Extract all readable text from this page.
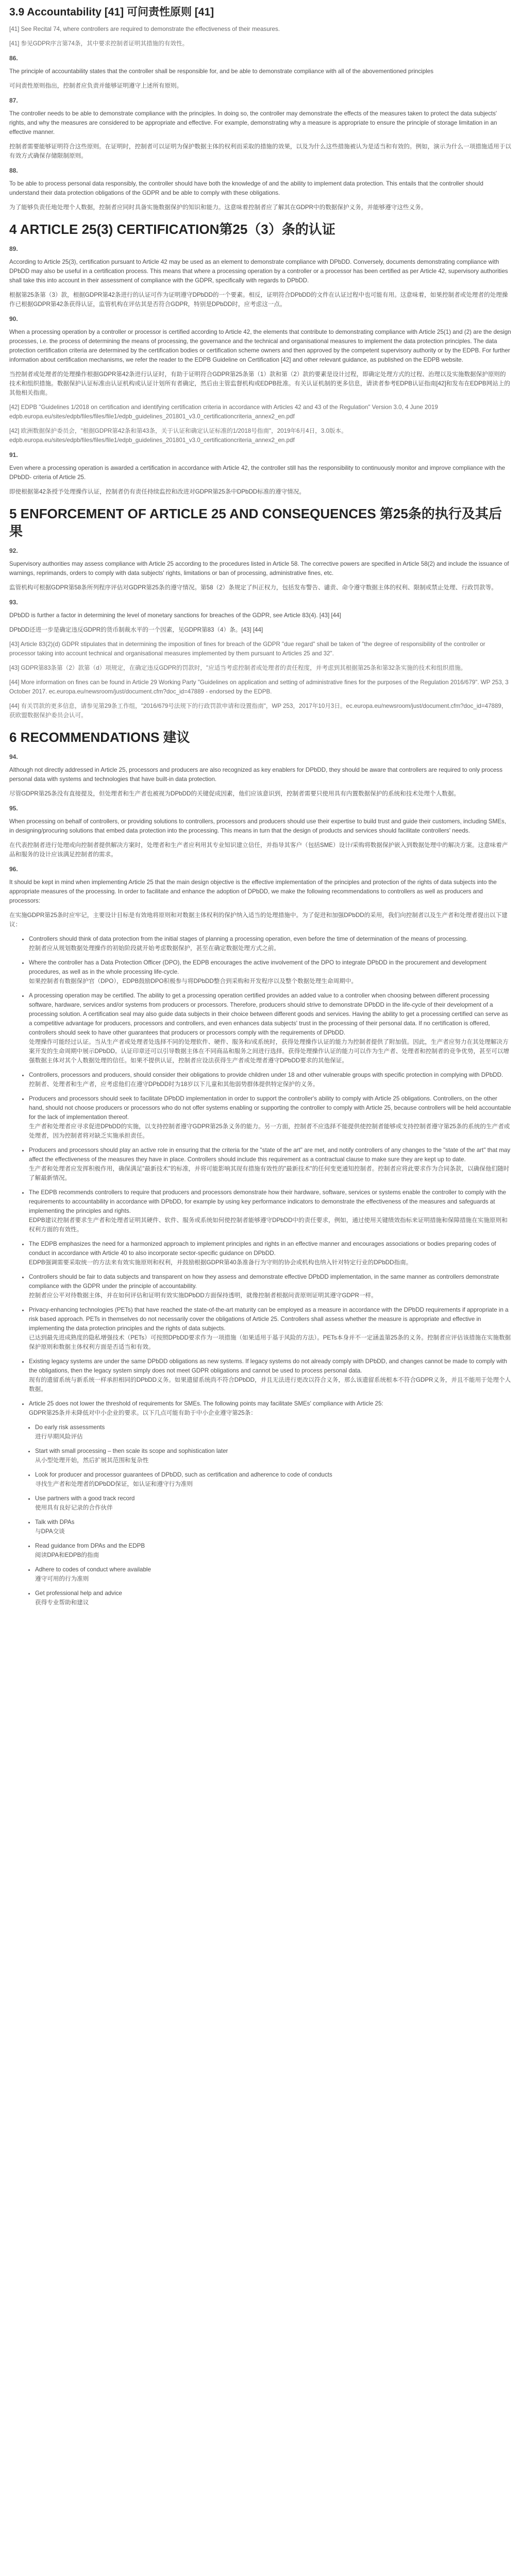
3.9 Accountability [41] 可问责性原则 [41]

[41] See Recital 74, where controllers are required to demonstrate the effectiveness of their measures.

[41] 参见GDPR序言第74条，其中要求控制者证明其措施的有效性。

86.

The principle of accountability states that the controller shall be responsible for, and be able to demonstrate compliance with all of the abovementioned principles

可问责性原则指出，控制者应负责并能够证明遵守上述所有原则。

87.

The controller needs to be able to demonstrate compliance with the principles. In doing so, the controller may demonstrate the effects of the measures taken to protect the data subjects' rights, and why the measures are considered to be appropriate and effective. For example, demonstrating why a measure is appropriate to ensure the principle of storage limitation in an effective manner.

控制者需要能够证明符合这些原则。在证明时，控制者可以证明为保护数据主体的权利而采取的措施的效果，以及为什么这些措施被认为是适当和有效的。例如，演示为什么一项措施适用于以有效方式确保存储限制原则。

88.

To be able to process personal data responsibly, the controller should have both the knowledge of and the ability to implement data protection. This entails that the controller should understand their data protection obligations of the GDPR and be able to comply with these obligations.

为了能够负责任地处理个人数据，控制者应同时具备实施数据保护的知识和能力。这意味着控制者应了解其在GDPR中的数据保护义务，并能够遵守这些义务。

4 ARTICLE 25(3) CERTIFICATION第25（3）条的认证

89.

According to Article 25(3), certification pursuant to Article 42 may be used as an element to demonstrate compliance with DPbDD. Conversely, documents demonstrating compliance with DPbDD may also be useful in a certification process. This means that where a processing operation by a controller or a processor has been certified as per Article 42, supervisory authorities shall take this into account in their assessment of compliance with the GDPR, specifically with regards to DPbDD.

根据第25条第（3）款，根据GDPR第42条进行的认证可作为证明遵守DPbDD的一个要素。相反，证明符合DPbDD的文件在认证过程中也可能有用。这意味着，如果控制者或处理者的处理操作已根据GDPR第42条获得认证，监管机构在评估其是否符合GDPR，特别是DPbDD时，应考虑这一点。

90.

When a processing operation by a controller or processor is certified according to Article 42, the elements that contribute to demonstrating compliance with Article 25(1) and (2) are the design processes, i.e. the process of determining the means of processing, the governance and the technical and organisational measures to implement the data protection principles. The data protection certification criteria are determined by the certification bodies or certification scheme owners and then approved by the competent supervisory authority or by the EDPB. For further information about certification mechanisms, we refer the reader to the EDPB Guideline on Certification [42] and other relevant guidance, as published on the EDPB website.

当控制者或处理者的处理操作根据GDPR第42条进行认证时，有助于证明符合GDPR第25条第（1）款和第（2）款的要素是设计过程，即确定处理方式的过程、治理以及实施数据保护原则的技术和组织措施。数据保护认证标准由认证机构或认证计划所有者确定，然后由主管监督机构或EDPB批准。有关认证机制的更多信息，请读者参考EDPB认证指南[42]和发布在EDPB网站上的其他相关指南。

[42] EDPB "Guidelines 1/2018 on certification and identifying certification criteria in accordance with Articles 42 and 43 of the Regulation" Version 3.0, 4 June 2019 edpb.europa.eu/sites/edpb/files/files/file1/edpb_guidelines_201801_v3.0_certificationcriteria_annex2_en.pdf

[42] 欧洲数据保护委员会，"根据GDPR第42条和第43条，关于认证和确定认证标准的1/2018号指南"，2019年6月4日，3.0版本。edpb.europa.eu/sites/edpb/files/files/file1/edpb_guidelines_201801_v3.0_certificationcriteria_annex2_en.pdf

91.

Even where a processing operation is awarded a certification in accordance with Article 42, the controller still has the responsibility to continuously monitor and improve compliance with the DPbDD- criteria of Article 25.

即使根据第42条授予处理操作认证，控制者仍有责任持续监控和改进对GDPR第25条中DPbDD标准的遵守情况。

5 ENFORCEMENT OF ARTICLE 25 AND CONSEQUENCES 第25条的执行及其后果

92.

Supervisory authorities may assess compliance with Article 25 according to the procedures listed in Article 58. The corrective powers are specified in Article 58(2) and include the issuance of warnings, reprimands, orders to comply with data subjects' rights, limitations or ban of processing, administrative fines, etc.

监管机构可根据GDPR第58条所列程序评估对GDPR第25条的遵守情况。第58（2）条规定了纠正权力，包括发布警告、谴责、命令遵守数据主体的权利、限制或禁止处理、行政罚款等。

93.

DPbDD is further a factor in determining the level of monetary sanctions for breaches of the GDPR, see Article 83(4). [43] [44]

DPbDD还进一步是确定违反GDPR的货币制裁水平的一个因素，见GDPR第83（4）条。[43] [44]

[43] Article 83(2)(d) GDPR stipulates that in determining the imposition of fines for breach of the GDPR "due regard" shall be taken of "the degree of responsibility of the controller or processor taking into account technical and organisational measures implemented by them pursuant to Articles 25 and 32".

[43] GDPR第83条第（2）款第（d）项规定，在确定违反GDPR的罚款时，"应适当考虑控制者或处理者的责任程度，并考虑到其根据第25条和第32条实施的技术和组织措施。

[44] More information on fines can be found in Article 29 Working Party "Guidelines on application and setting of administrative fines for the purposes of the Regulation 2016/679". WP 253, 3 October 2017. ec.europa.eu/newsroom/just/document.cfm?doc_id=47889 - endorsed by the EDPB.

[44] 有关罚款的更多信息，请参见第29条工作组，"2016/679号法规下的行政罚款申请和设置指南"，WP 253，2017年10月3日。ec.europa.eu/newsroom/just/document.cfm?doc_id=47889，获欧盟数据保护委员会认可。

6 RECOMMENDATIONS 建议

94.

Although not directly addressed in Article 25, processors and producers are also recognized as key enablers for DPbDD, they should be aware that controllers are required to only process personal data with systems and technologies that have built-in data protection.

尽管GDPR第25条没有直接提及，但处理者和生产者也被视为DPbDD的关键促成因素，他们应该意识到，控制者需要只使用具有内置数据保护的系统和技术处理个人数据。

95.

When processing on behalf of controllers, or providing solutions to controllers, processors and producers should use their expertise to build trust and guide their customers, including SMEs, in designing/procuring solutions that embed data protection into the processing. This means in turn that the design of products and services should facilitate controllers' needs.

在代表控制者进行处理或向控制者提供解决方案时，处理者和生产者应利用其专业知识建立信任，并指导其客户（包括SME）设计/采购将数据保护嵌入到数据处理中的解决方案。这意味着产品和服务的设计应该满足控制者的需求。

96.

It should be kept in mind when implementing Article 25 that the main design objective is the effective implementation of the principles and protection of the rights of data subjects into the appropriate measures of the processing. In order to facilitate and enhance the adoption of DPbDD, we make the following recommendations to controllers as well as producers and processors:

在实施GDPR第25条时应牢记，主要设计目标是有效地将原则和对数据主体权利的保护纳入适当的处理措施中。为了促进和加强DPbDD的采用，我们向控制者以及生产者和处理者提出以下建议：

• Controllers should think of data protection from the initial stages of planning a processing operation, even before the time of determination of the means of processing.
控制者应从规划数据处理操作的初始阶段就开始考虑数据保护，甚至在确定数据处理方式之前。
• Where the controller has a Data Protection Officer (DPO), the EDPB encourages the active involvement of the DPO to integrate DPbDD in the procurement and development procedures, as well as in the whole processing life-cycle.
如果控制者有数据保护官（DPO），EDPB鼓励DPO积极参与将DPbDD整合到采购和开发程序以及整个数据处理生命周期中。
• A processing operation may be certified. The ability to get a processing operation certified provides an added value to a controller when choosing between different processing software, hardware, services and/or systems from producers or processors. Therefore, producers should strive to demonstrate DPbDD in the life-cycle of their development of a processing solution. A certification seal may also guide data subjects in their choice between different goods and services. Having the ability to get a processing certified can serve as a competitive advantage for producers, processors and controllers, and even enhances data subjects' trust in the processing of their personal data. If no certification is offered, controllers should seek to have other guarantees that producers or processors comply with the requirements of DPbDD.
处理操作可能经过认证。当从生产者或处理者处选择不同的处理软件、硬件、服务和/或系统时，获得处理操作认证的能力为控制者提供了附加值。因此，生产者应努力在其处理解决方案开发的生命周期中展示DPbDD。认证印章还可以引导数据主体在不同商品和服务之间进行选择。获得处理操作认证的能力可以作为生产者、处理者和控制者的竞争优势，甚至可以增强数据主体对其个人数据处理的信任。如果不提供认证，控制者应设法获得生产者或处理者遵守DPbDD要求的其他保证。
• Controllers, processors and producers, should consider their obligations to provide children under 18 and other vulnerable groups with specific protection in complying with DPbDD.
控制者、处理者和生产者，应考虑他们在遵守DPbDD时为18岁以下儿童和其他弱势群体提供特定保护的义务。
• Producers and processors should seek to facilitate DPbDD implementation in order to support the controller's ability to comply with Article 25 obligations. Controllers, on the other hand, should not choose producers or processors who do not offer systems enabling or supporting the controller to comply with Article 25, because controllers will be held accountable for the lack of implementation thereof.
生产者和处理者应寻求促进DPbDD的实施，以支持控制者遵守GDPR第25条义务的能力。另一方面，控制者不应选择不能提供使控制者能够或支持控制者遵守第25条的系统的生产者或处理者，因为控制者将对缺乏实施承担责任。
• Producers and processors should play an active role in ensuring that the criteria for the "state of the art" are met, and notify controllers of any changes to the "state of the art" that may affect the effectiveness of the measures they have in place. Controllers should include this requirement as a contractual clause to make sure they are kept up to date.
生产者和处理者应发挥积极作用，确保满足"最新技术"的标准，并将可能影响其现有措施有效性的"最新技术"的任何变更通知控制者。控制者应将此要求作为合同条款，以确保他们随时了解最新情况。
• The EDPB recommends controllers to require that producers and processors demonstrate how their hardware, software, services or systems enable the controller to comply with the requirements to accountability in accordance with DPbDD, for example by using key performance indicators to demonstrate the effectiveness of the measures and safeguards at implementing the principles and rights.
EDPB建议控制者要求生产者和处理者证明其硬件、软件、服务或系统如何使控制者能够遵守DPbDD中的责任要求，例如，通过使用关键绩效指标来证明措施和保障措施在实施原则和权利方面的有效性。
• The EDPB emphasizes the need for a harmonized approach to implement principles and rights in an effective manner and encourages associations or bodies preparing codes of conduct in accordance with Article 40 to also incorporate sector-specific guidance on DPbDD.
EDPB强调需要采取统一的方法来有效实施原则和权利，并鼓励根据GDPR第40条准备行为守则的协会或机构也纳入针对特定行业的DPbDD指南。
• Controllers should be fair to data subjects and transparent on how they assess and demonstrate effective DPbDD implementation, in the same manner as controllers demonstrate compliance with the GDPR under the principle of accountability.
控制者应公平对待数据主体，并在如何评估和证明有效实施DPbDD方面保持透明，就像控制者根据问责原则证明其遵守GDPR一样。
• Privacy-enhancing technologies (PETs) that have reached the state-of-the-art maturity can be employed as a measure in accordance with the DPbDD requirements if appropriate in a risk based approach. PETs in themselves do not necessarily cover the obligations of Article 25. Controllers shall assess whether the measure is appropriate and effective in implementing the data protection principles and the rights of data subjects.
已达到最先进成熟度的隐私增强技术（PETs）可按照DPbDD要求作为一项措施（如果适用于基于风险的方法）。PETs本身并不一定涵盖第25条的义务。控制者应评估该措施在实施数据保护原则和数据主体权利方面是否适当和有效。
• Existing legacy systems are under the same DPbDD obligations as new systems. If legacy systems do not already comply with DPbDD, and changes cannot be made to comply with the obligations, then the legacy system simply does not meet GDPR obligations and cannot be used to process personal data.
现有的遗留系统与新系统一样承担相同的DPbDD义务。如果遗留系统尚不符合DPbDD，并且无法进行更改以符合义务，那么该遗留系统根本不符合GDPR义务，并且不能用于处理个人数据。
• Article 25 does not lower the threshold of requirements for SMEs. The following points may facilitate SMEs' compliance with Article 25:
GDPR第25条并未降低对中小企业的要求。以下几点可能有助于中小企业遵守第25条：
• Do early risk assessments
进行早期风险评估
• Start with small processing – then scale its scope and sophistication later
从小型处理开始，然后扩展其范围和复杂性
• Look for producer and processor guarantees of DPbDD, such as certification and adherence to code of conducts
寻找生产者和处理者的DPbDD保证，如认证和遵守行为准则
• Use partners with a good track record
使用具有良好记录的合作伙伴
• Talk with DPAs
与DPA交谈
• Read guidance from DPAs and the EDPB
阅读DPA和EDPB的指南
• Adhere to codes of conduct where available
遵守可用的行为准则
• Get professional help and advice
获得专业帮助和建议
